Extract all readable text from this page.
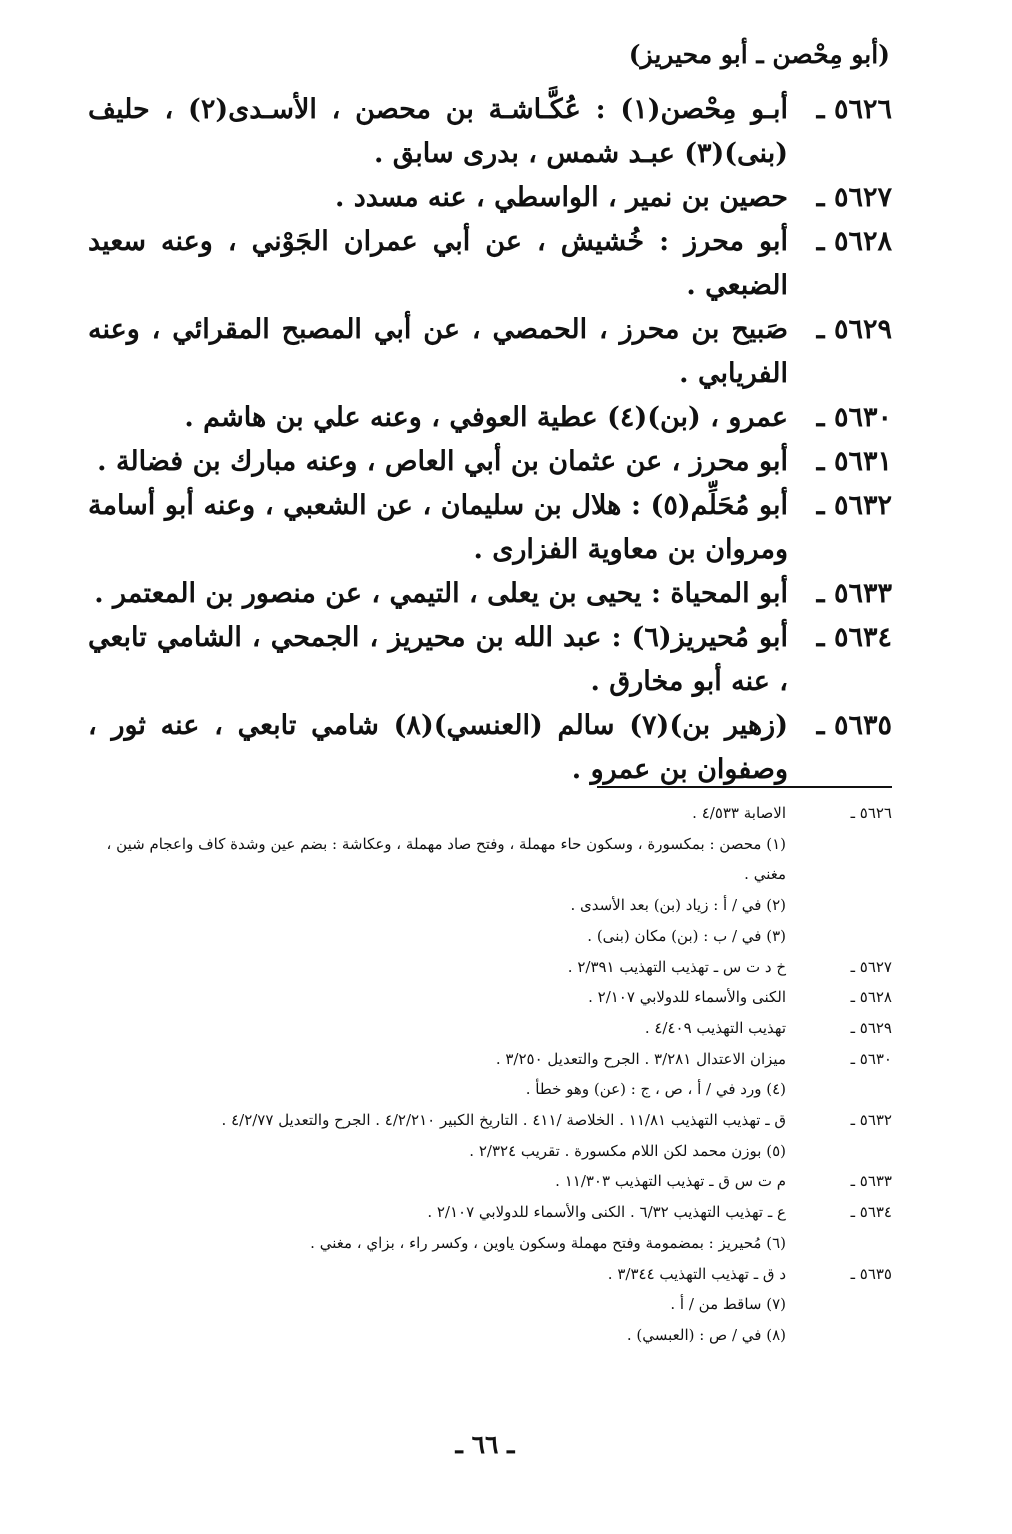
(أبو مِحْصن ـ أبو محيريز)
٥٦٢٦ ـ
أبـو مِحْصن(١) : عُكَّـاشـة بن محصن ، الأسـدى(٢) ، حليف (بنى)(٣) عبـد شمس ، بدرى سابق .
٥٦٢٧ ـ
حصين بن نمير ، الواسطي ، عنه مسدد .
٥٦٢٨ ـ
أبو محرز : خُشيش ، عن أبي عمران الجَوْني ، وعنه سعيد الضبعي .
٥٦٢٩ ـ
صَبيح بن محرز ، الحمصي ، عن أبي المصبح المقرائي ، وعنه الفريابي .
٥٦٣٠ ـ
عمرو ، (بن)(٤) عطية العوفي ، وعنه علي بن هاشم .
٥٦٣١ ـ
أبو محرز ، عن عثمان بن أبي العاص ، وعنه مبارك بن فضالة .
٥٦٣٢ ـ
أبو مُحَلِّم(٥) : هلال بن سليمان ، عن الشعبي ، وعنه أبو أسامة ومروان بن معاوية الفزارى .
٥٦٣٣ ـ
أبو المحياة : يحيى بن يعلى ، التيمي ، عن منصور بن المعتمر .
٥٦٣٤ ـ
أبو مُحيريز(٦) : عبد الله بن محيريز ، الجمحي ، الشامي تابعي ، عنه أبو مخارق .
٥٦٣٥ ـ
(زهير بن)(٧) سالم (العنسي)(٨) شامي تابعي ، عنه ثور ، وصفوان بن عمرو .
٥٦٢٦ ـ
الاصابة ٤/٥٣٣ .
(١) محصن : بمكسورة ، وسكون حاء مهملة ، وفتح صاد مهملة ، وعكاشة : بضم عين وشدة كاف واعجام شين ، مغني .
(٢) في / أ : زياد (بن) بعد الأسدى .
(٣) في / ب : (بن) مكان (بنى) .
٥٦٢٧ ـ
خ د ت س ـ تهذيب التهذيب ٢/٣٩١ .
٥٦٢٨ ـ
الكنى والأسماء للدولابي ٢/١٠٧ .
٥٦٢٩ ـ
تهذيب التهذيب ٤/٤٠٩ .
٥٦٣٠ ـ
ميزان الاعتدال ٣/٢٨١ . الجرح والتعديل ٣/٢٥٠ .
(٤) ورد في / أ ، ص ، ج : (عن) وهو خطأ .
٥٦٣٢ ـ
ق ـ تهذيب التهذيب ١١/٨١ . الخلاصة /٤١١ . التاريخ الكبير ٤/٢/٢١٠ . الجرح والتعديل ٤/٢/٧٧ .
(٥) بوزن محمد لكن اللام مكسورة . تقريب ٢/٣٢٤ .
٥٦٣٣ ـ
م ت س ق ـ تهذيب التهذيب ١١/٣٠٣ .
٥٦٣٤ ـ
ع ـ تهذيب التهذيب ٦/٣٢ . الكنى والأسماء للدولابي ٢/١٠٧ .
(٦) مُحيريز : بمضمومة وفتح مهملة وسكون ياوين ، وكسر راء ، بزاي ، مغني .
٥٦٣٥ ـ
د ق ـ تهذيب التهذيب ٣/٣٤٤ .
(٧) ساقط من / أ .
(٨) في / ص : (العبسي) .
ـ ٦٦ ـ
